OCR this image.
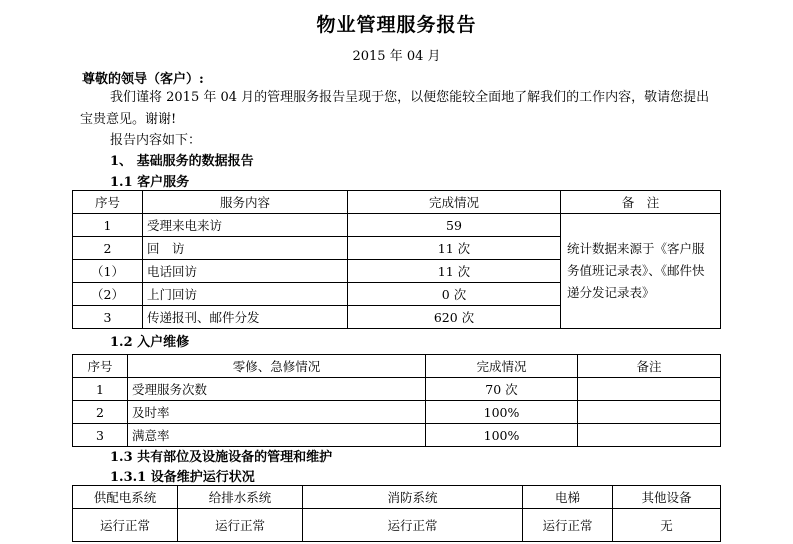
物业管理服务报告
2015 年 04 月
尊敬的领导（客户）:
我们谨将 2015 年 04 月的管理服务报告呈现于您，以便您能较全面地了解我们的工作内容，敬请您提出宝贵意见。谢谢!
报告内容如下：
1、 基础服务的数据报告
1.1 客户服务
序号	服务内容	完成情况	备　注
1	受理来电来访	59	统计数据来源于《客户服务值班记录表》、《邮件快递分发记录表》
2	回　访	11 次	
（1）	电话回访	11 次	
（2）	上门回访	0 次	
3	传递报刊、邮件分发	620 次	
1.2 入户维修
序号	零修、急修情况	完成情况	备注
1	受理服务次数	70 次	
2	及时率	100%	
3	满意率	100%	
1.3 共有部位及设施设备的管理和维护
1.3.1 设备维护运行状况
供配电系统	给排水系统	消防系统	电梯	其他设备
运行正常	运行正常	运行正常	运行正常	无
